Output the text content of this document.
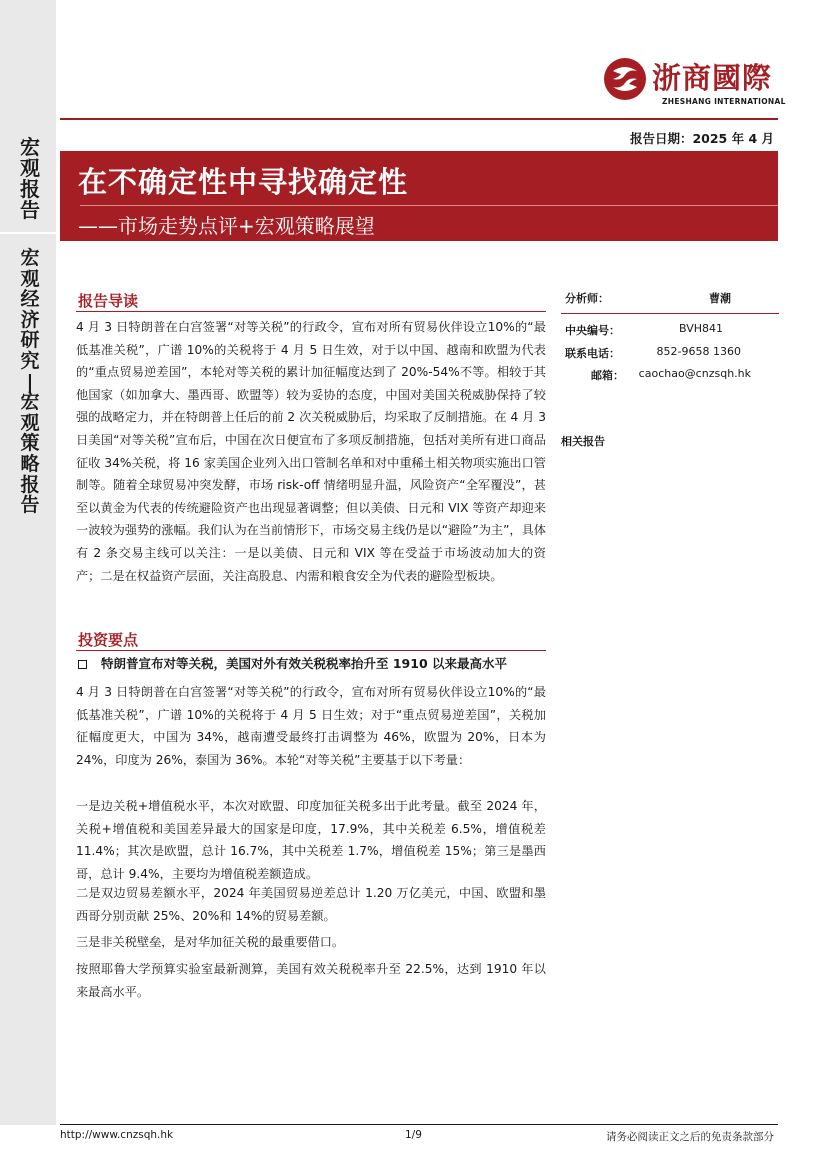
宏
观
报
告
宏
观
经
济
研
究
|
宏
观
策
略
报
告
浙商國際
ZHESHANG INTERNATIONAL
报告日期：2025 年 4 月
在不确定性中寻找确定性
——市场走势点评+宏观策略展望
报告导读
4 月 3 日特朗普在白宫签署“对等关税”的行政令，宣布对所有贸易伙伴设立10%的“最低基准关税”，广谱 10%的关税将于 4 月 5 日生效，对于以中国、越南和欧盟为代表的“重点贸易逆差国”，本轮对等关税的累计加征幅度达到了 20%-54%不等。相较于其他国家（如加拿大、墨西哥、欧盟等）较为妥协的态度，中国对美国关税威胁保持了较强的战略定力，并在特朗普上任后的前 2 次关税威胁后，均采取了反制措施。在 4 月 3 日美国“对等关税”宣布后，中国在次日便宣布了多项反制措施，包括对美所有进口商品征收 34%关税，将 16 家美国企业列入出口管制名单和对中重稀土相关物项实施出口管制等。随着全球贸易冲突发酵，市场 risk-off 情绪明显升温，风险资产“全军覆没”，甚至以黄金为代表的传统避险资产也出现显著调整；但以美债、日元和 VIX 等资产却迎来一波较为强势的涨幅。我们认为在当前情形下，市场交易主线仍是以“避险”为主”，具体有 2 条交易主线可以关注：一是以美债、日元和 VIX 等在受益于市场波动加大的资产；二是在权益资产层面，关注高股息、内需和粮食安全为代表的避险型板块。
投资要点
特朗普宣布对等关税，美国对外有效关税税率抬升至 1910 以来最高水平
4 月 3 日特朗普在白宫签署“对等关税”的行政令，宣布对所有贸易伙伴设立10%的“最低基准关税”，广谱 10%的关税将于 4 月 5 日生效；对于“重点贸易逆差国”，关税加征幅度更大，中国为 34%，越南遭受最终打击调整为 46%，欧盟为 20%，日本为 24%，印度为 26%，泰国为 36%。本轮“对等关税”主要基于以下考量：
一是边关税+增值税水平，本次对欧盟、印度加征关税多出于此考量。截至 2024 年，关税+增值税和美国差异最大的国家是印度，17.9%，其中关税差 6.5%，增值税差 11.4%；其次是欧盟，总计 16.7%，其中关税差 1.7%，增值税差 15%；第三是墨西哥，总计 9.4%，主要均为增值税差额造成。
二是双边贸易差额水平，2024 年美国贸易逆差总计 1.20 万亿美元，中国、欧盟和墨西哥分别贡献 25%、20%和 14%的贸易差额。
三是非关税壁垒，是对华加征关税的最重要借口。
按照耶鲁大学预算实验室最新测算，美国有效关税税率升至 22.5%，达到 1910 年以来最高水平。
分析师：	曹潮
中央编号：	BVH841
联系电话：	852-9658 1360
邮箱：	caochao@cnzsqh.hk
相关报告
http://www.cnzsqh.hk	1/9	请务必阅读正文之后的免责条款部分
